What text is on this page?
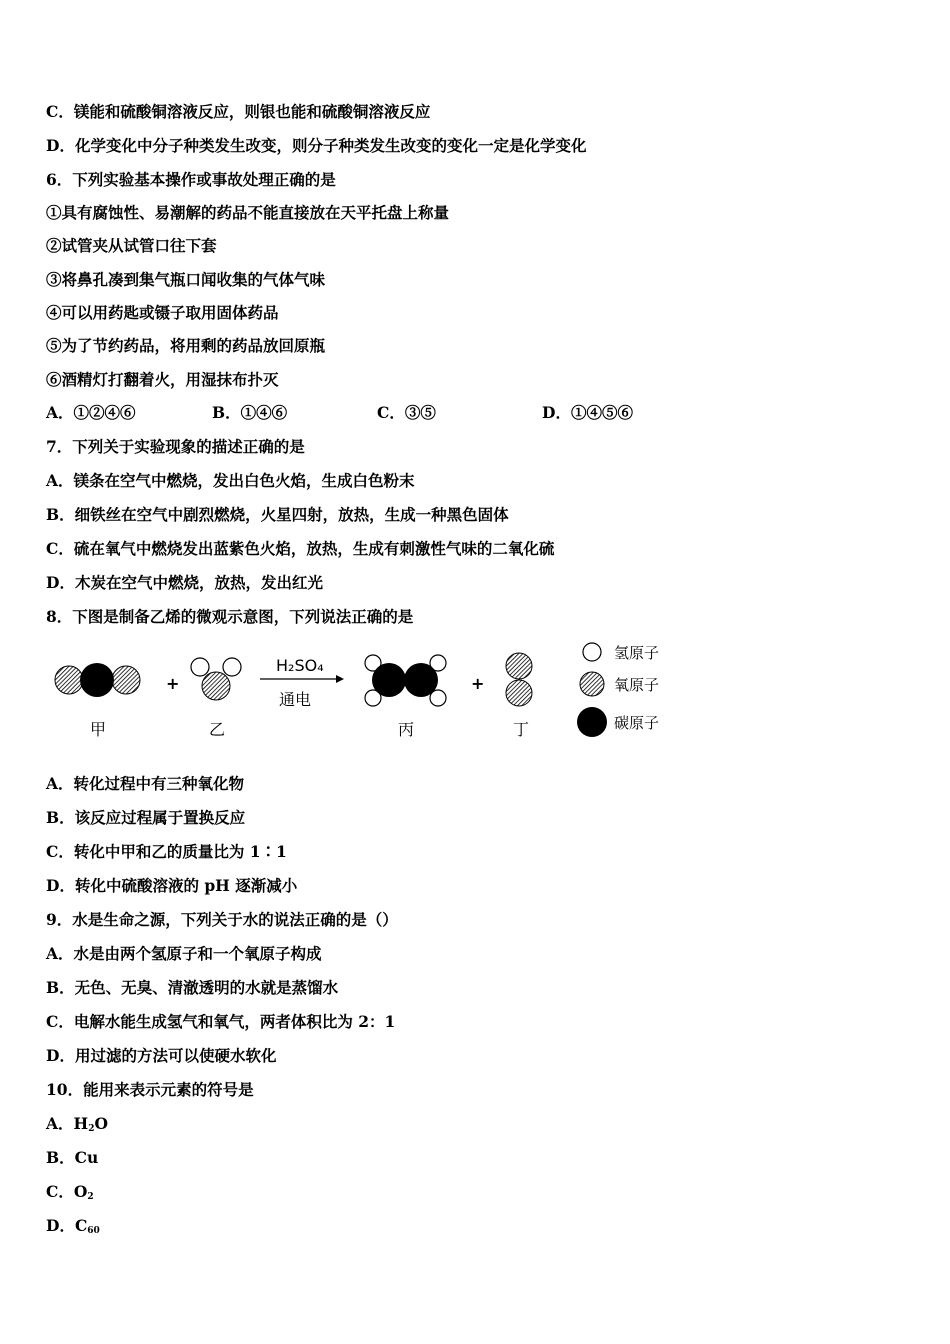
C．镁能和硫酸铜溶液反应，则银也能和硫酸铜溶液反应
D．化学变化中分子种类发生改变，则分子种类发生改变的变化一定是化学变化
6．下列实验基本操作或事故处理正确的是
①具有腐蚀性、易潮解的药品不能直接放在天平托盘上称量
②试管夹从试管口往下套
③将鼻孔凑到集气瓶口闻收集的气体气味
④可以用药匙或镊子取用固体药品
⑤为了节约药品，将用剩的药品放回原瓶
⑥酒精灯打翻着火，用湿抹布扑灭
A．①②④⑥	B．①④⑥	C．③⑤	D．①④⑤⑥
7．下列关于实验现象的描述正确的是
A．镁条在空气中燃烧，发出白色火焰，生成白色粉末
B．细铁丝在空气中剧烈燃烧，火星四射，放热，生成一种黑色固体
C．硫在氧气中燃烧发出蓝紫色火焰，放热，生成有刺激性气味的二氧化硫
D．木炭在空气中燃烧，放热，发出红光
8．下图是制备乙烯的微观示意图，下列说法正确的是
+
H₂SO₄
通电
+
甲	乙	丙	丁
氢原子
氧原子
碳原子
A．转化过程中有三种氧化物
B．该反应过程属于置换反应
C．转化中甲和乙的质量比为 1∶1
D．转化中硫酸溶液的 pH 逐渐减小
9．水是生命之源，下列关于水的说法正确的是（）
A．水是由两个氢原子和一个氧原子构成
B．无色、无臭、清澈透明的水就是蒸馏水
C．电解水能生成氢气和氧气，两者体积比为 2：1
D．用过滤的方法可以使硬水软化
10．能用来表示元素的符号是
A．$H_2O$
B．Cu
C．$O_2$
D．$C_{60}$
